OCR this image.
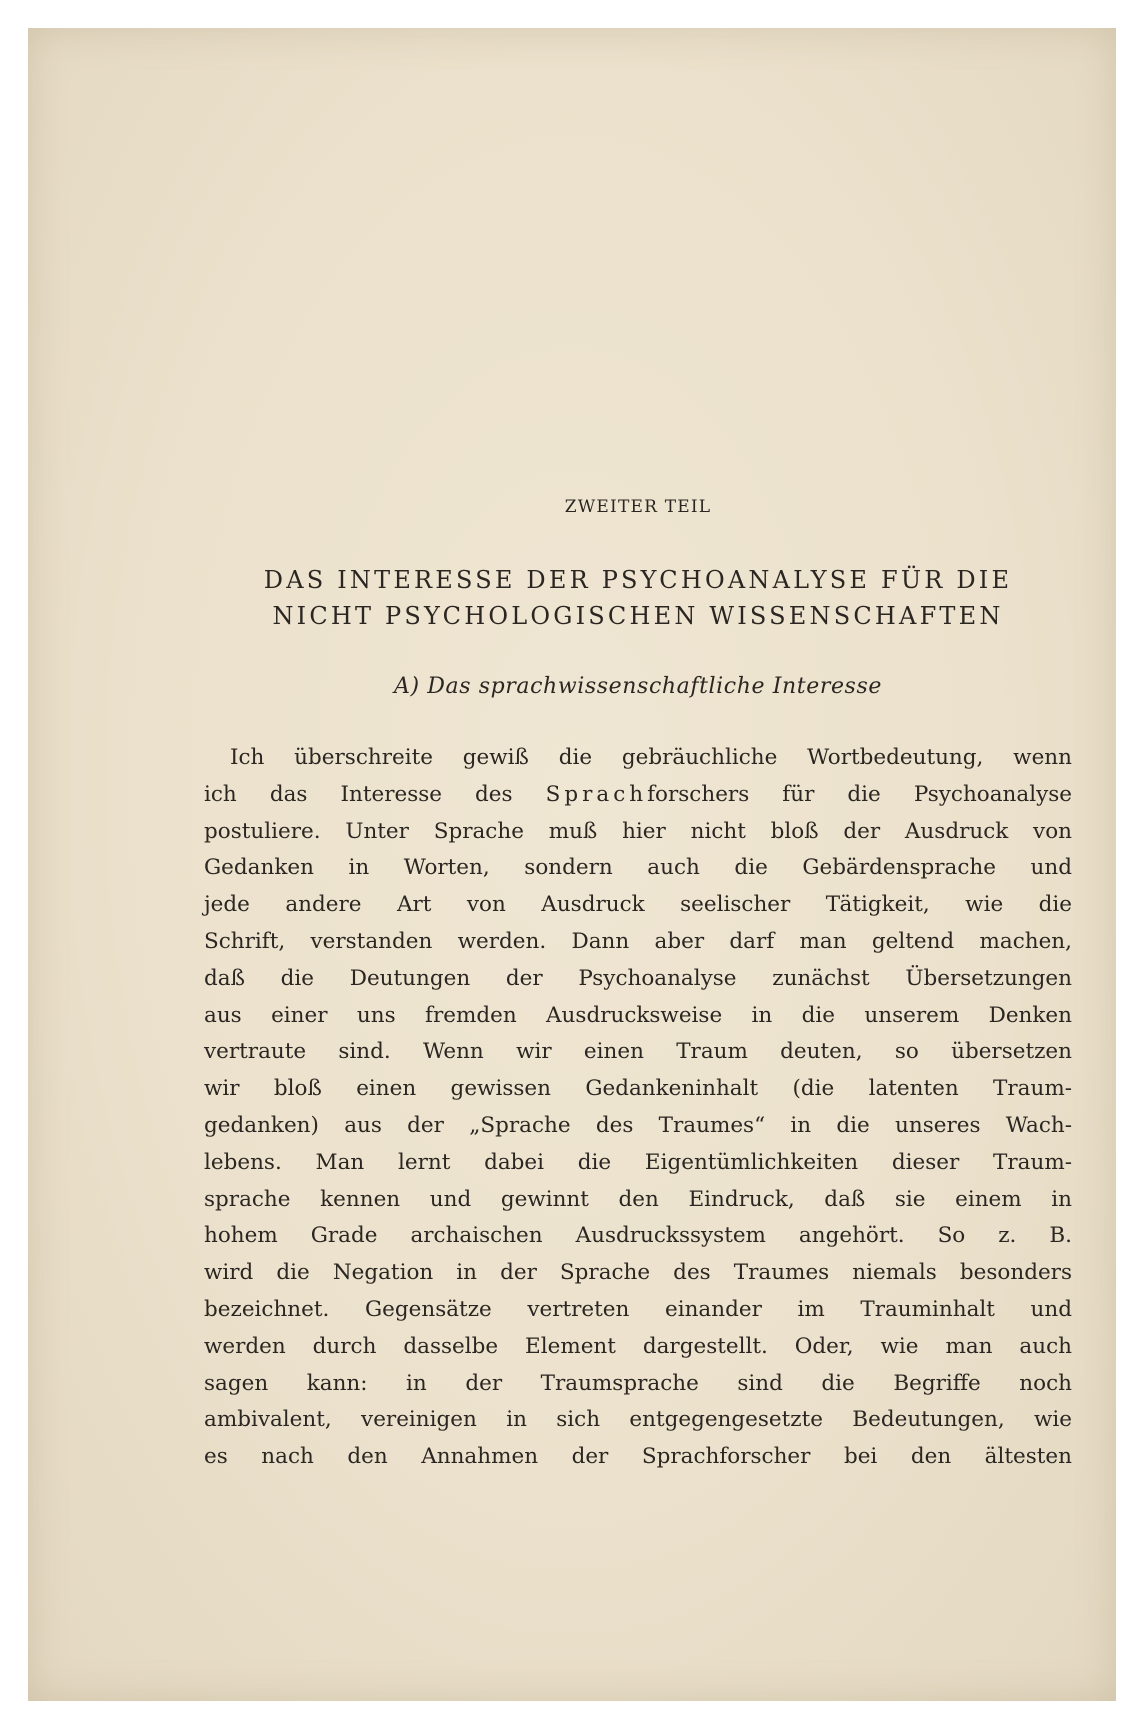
ZWEITER TEIL
DAS INTERESSE DER PSYCHOANALYSE FÜR DIE
NICHT PSYCHOLOGISCHEN WISSENSCHAFTEN
A) Das sprachwissenschaftliche Interesse
Ich überschreite gewiß die gebräuchliche Wortbedeutung, wenn
ich das Interesse des Sprachforschers für die Psychoanalyse
postuliere. Unter Sprache muß hier nicht bloß der Ausdruck von
Gedanken in Worten, sondern auch die Gebärdensprache und
jede andere Art von Ausdruck seelischer Tätigkeit, wie die
Schrift, verstanden werden. Dann aber darf man geltend machen,
daß die Deutungen der Psychoanalyse zunächst Übersetzungen
aus einer uns fremden Ausdrucksweise in die unserem Denken
vertraute sind. Wenn wir einen Traum deuten, so übersetzen
wir bloß einen gewissen Gedankeninhalt (die latenten Traum-
gedanken) aus der „Sprache des Traumes“ in die unseres Wach-
lebens. Man lernt dabei die Eigentümlichkeiten dieser Traum-
sprache kennen und gewinnt den Eindruck, daß sie einem in
hohem Grade archaischen Ausdruckssystem angehört. So z. B.
wird die Negation in der Sprache des Traumes niemals besonders
bezeichnet. Gegensätze vertreten einander im Trauminhalt und
werden durch dasselbe Element dargestellt. Oder, wie man auch
sagen kann: in der Traumsprache sind die Begriffe noch
ambivalent, vereinigen in sich entgegengesetzte Bedeutungen, wie
es nach den Annahmen der Sprachforscher bei den ältesten
